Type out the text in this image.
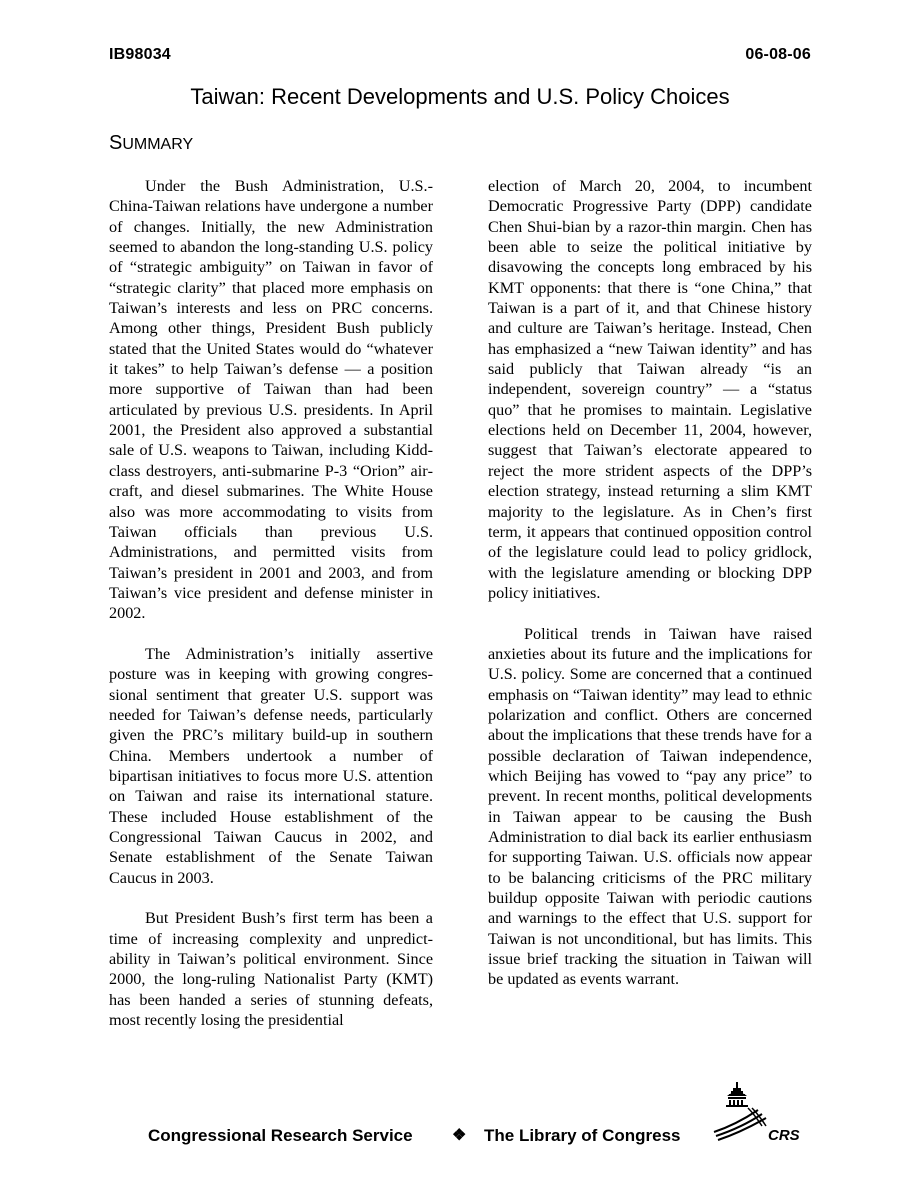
IB98034	06-08-06
Taiwan: Recent Developments and U.S. Policy Choices
SUMMARY

Under the Bush Administration, U.S.-China-Taiwan relations have undergone a number of changes. Initially, the new Administration seemed to abandon the long-standing U.S. policy of “strategic ambiguity” on Taiwan in favor of “strategic clarity” that placed more emphasis on Taiwan’s interests and less on PRC concerns. Among other things, President Bush publicly stated that the United States would do “whatever it takes” to help Taiwan’s defense — a position more supportive of Taiwan than had been articulated by previous U.S. presidents. In April 2001, the President also approved a substantial sale of U.S. weapons to Taiwan, including Kidd-class destroyers, anti-submarine P-3 “Orion” aircraft, and diesel submarines. The White House also was more accommodating to visits from Taiwan officials than previous U.S. Administrations, and permitted visits from Taiwan’s president in 2001 and 2003, and from Taiwan’s vice president and defense minister in 2002.

The Administration’s initially assertive posture was in keeping with growing congressional sentiment that greater U.S. support was needed for Taiwan’s defense needs, particularly given the PRC’s military build-up in southern China. Members undertook a number of bipartisan initiatives to focus more U.S. attention on Taiwan and raise its international stature. These included House establishment of the Congressional Taiwan Caucus in 2002, and Senate establishment of the Senate Taiwan Caucus in 2003.

But President Bush’s first term has been a time of increasing complexity and unpredictability in Taiwan’s political environment. Since 2000, the long-ruling Nationalist Party (KMT) has been handed a series of stunning defeats, most recently losing the presidential

election of March 20, 2004, to incumbent Democratic Progressive Party (DPP) candidate Chen Shui-bian by a razor-thin margin. Chen has been able to seize the political initiative by disavowing the concepts long embraced by his KMT opponents: that there is “one China,” that Taiwan is a part of it, and that Chinese history and culture are Taiwan’s heritage. Instead, Chen has emphasized a “new Taiwan identity” and has said publicly that Taiwan already “is an independent, sovereign country” — a “status quo” that he promises to maintain. Legislative elections held on December 11, 2004, however, suggest that Taiwan’s electorate appeared to reject the more strident aspects of the DPP’s election strategy, instead returning a slim KMT majority to the legislature. As in Chen’s first term, it appears that continued opposition control of the legislature could lead to policy gridlock, with the legislature amending or blocking DPP policy initiatives.

Political trends in Taiwan have raised anxieties about its future and the implications for U.S. policy. Some are concerned that a continued emphasis on “Taiwan identity” may lead to ethnic polarization and conflict. Others are concerned about the implications that these trends have for a possible declaration of Taiwan independence, which Beijing has vowed to “pay any price” to prevent. In recent months, political developments in Taiwan appear to be causing the Bush Administration to dial back its earlier enthusiasm for supporting Taiwan. U.S. officials now appear to be balancing criticisms of the PRC military buildup opposite Taiwan with periodic cautions and warnings to the effect that U.S. support for Taiwan is not unconditional, but has limits. This issue brief tracking the situation in Taiwan will be updated as events warrant.

Congressional Research Service ❖ The Library of Congress	CRS
